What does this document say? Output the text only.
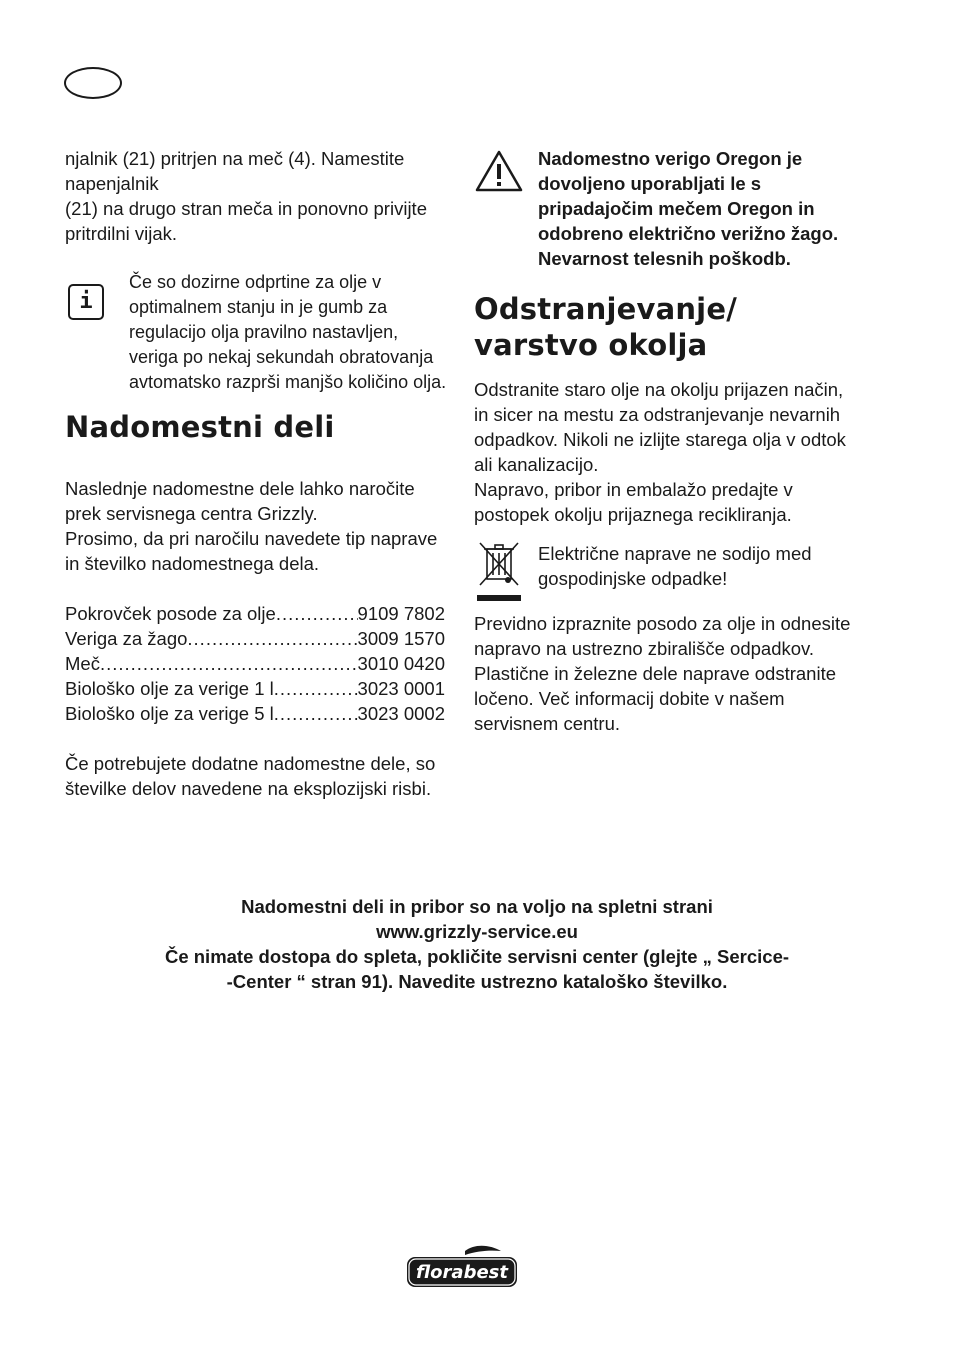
njalnik (21) pritrjen na meč (4). Namestite napenjalnik

(21) na drugo stran meča in ponovno privijte pritrdilni vijak.

i

Če so dozirne odprtine za olje v optimalnem stanju in je gumb za regulacijo olja pravilno nastavljen, veriga po nekaj sekundah obratovanja avtomatsko razprši manjšo količino olja.

Nadomestni deli

Naslednje nadomestne dele lahko naročite prek servisnega centra Grizzly.

Prosimo, da pri naročilu navedete tip naprave in številko nadomestnega dela.

Pokrovček posode za olje .....	9109 7802
Veriga za žago .....	3009 1570
Meč .....	3010 0420
Biološko olje za verige 1 l .....	3023 0001
Biološko olje za verige 5 l .....	3023 0002

Če potrebujete dodatne nadomestne dele, so številke delov navedene na eksplozijski risbi.

Nadomestno verigo Oregon je dovoljeno uporabljati le s pripadajočim mečem Oregon in odobreno električno verižno žago. Nevarnost telesnih poškodb.

Odstranjevanje/
varstvo okolja

Odstranite staro olje na okolju prijazen način, in sicer na mestu za odstranjevanje nevarnih odpadkov. Nikoli ne izlijte starega olja v odtok ali kanalizacijo.

Napravo, pribor in embalažo predajte v postopek okolju prijaznega recikliranja.

Električne naprave ne sodijo med gospodinjske odpadke!

Previdno izpraznite posodo za olje in odnesite napravo na ustrezno zbirališče odpadkov. Plastične in železne dele naprave odstranite ločeno. Več informacij dobite v našem servisnem centru.

Nadomestni deli in pribor so na voljo na spletni strani
www.grizzly-service.eu
Če nimate dostopa do spleta, pokličite servisni center (glejte „ Sercice-
-Center “ stran 91). Navedite ustrezno kataloško številko.
florabest
